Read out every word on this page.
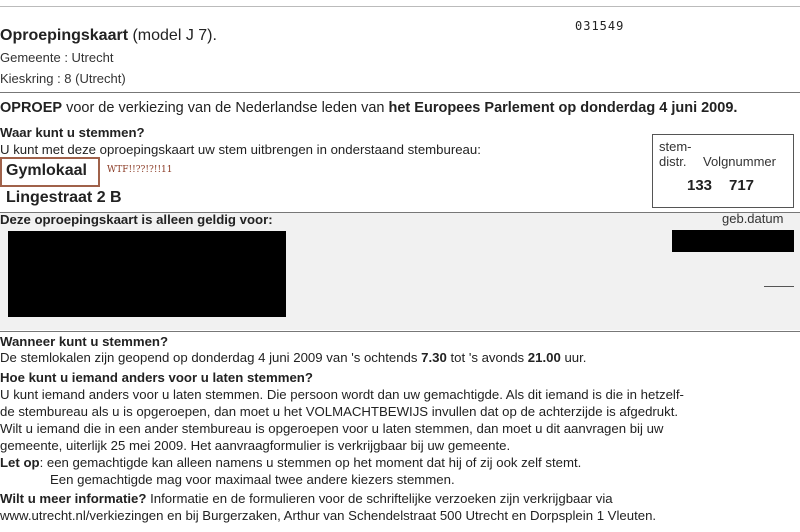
Oproepingskaart (model J 7).
031549
Gemeente : Utrecht
Kieskring : 8 (Utrecht)
OPROEP voor de verkiezing van de Nederlandse leden van het Europees Parlement op donderdag 4 juni 2009.
Waar kunt u stemmen?
U kunt met deze oproepingskaart uw stem uitbrengen in onderstaand stembureau:
Gymlokaal WTF!!??!?!!11
Lingestraat 2 B
stem-
distr. Volgnummer
133 717
Deze oproepingskaart is alleen geldig voor:	geb.datum
Wanneer kunt u stemmen?
De stemlokalen zijn geopend op donderdag 4 juni 2009 van 's ochtends 7.30 tot 's avonds 21.00 uur.
Hoe kunt u iemand anders voor u laten stemmen?
U kunt iemand anders voor u laten stemmen. Die persoon wordt dan uw gemachtigde. Als dit iemand is die in hetzelf-
de stembureau als u is opgeroepen, dan moet u het VOLMACHTBEWIJS invullen dat op de achterzijde is afgedrukt.
Wilt u iemand die in een ander stembureau is opgeroepen voor u laten stemmen, dan moet u dit aanvragen bij uw
gemeente, uiterlijk 25 mei 2009. Het aanvraagformulier is verkrijgbaar bij uw gemeente.
Let op: een gemachtigde kan alleen namens u stemmen op het moment dat hij of zij ook zelf stemt.
Een gemachtigde mag voor maximaal twee andere kiezers stemmen.
Wilt u meer informatie? Informatie en de formulieren voor de schriftelijke verzoeken zijn verkrijgbaar via
www.utrecht.nl/verkiezingen en bij Burgerzaken, Arthur van Schendelstraat 500 Utrecht en Dorpsplein 1 Vleuten.
